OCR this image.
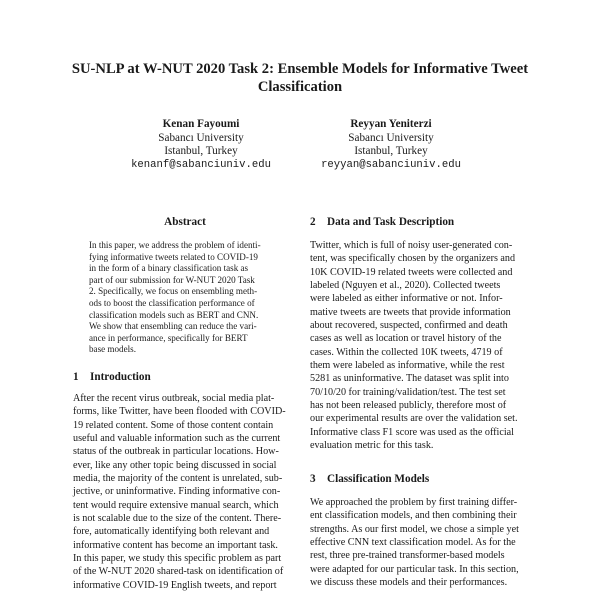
SU-NLP at W-NUT 2020 Task 2: Ensemble Models for Informative Tweet
Classification
Kenan Fayoumi
Sabancı University
Istanbul, Turkey
kenanf@sabanciuniv.edu
Reyyan Yeniterzi
Sabancı University
Istanbul, Turkey
reyyan@sabanciuniv.edu
Abstract
In this paper, we address the problem of identi-
fying informative tweets related to COVID-19
in the form of a binary classification task as
part of our submission for W-NUT 2020 Task
2. Specifically, we focus on ensembling meth-
ods to boost the classification performance of
classification models such as BERT and CNN.
We show that ensembling can reduce the vari-
ance in performance, specifically for BERT
base models.
1 Introduction
After the recent virus outbreak, social media plat-
forms, like Twitter, have been flooded with COVID-
19 related content. Some of those content contain
useful and valuable information such as the current
status of the outbreak in particular locations. How-
ever, like any other topic being discussed in social
media, the majority of the content is unrelated, sub-
jective, or uninformative. Finding informative con-
tent would require extensive manual search, which
is not scalable due to the size of the content. There-
fore, automatically identifying both relevant and
informative content has become an important task.
In this paper, we study this specific problem as part
of the W-NUT 2020 shared-task on identification of
informative COVID-19 English tweets, and report
2 Data and Task Description
Twitter, which is full of noisy user-generated con-
tent, was specifically chosen by the organizers and
10K COVID-19 related tweets were collected and
labeled (Nguyen et al., 2020). Collected tweets
were labeled as either informative or not. Infor-
mative tweets are tweets that provide information
about recovered, suspected, confirmed and death
cases as well as location or travel history of the
cases. Within the collected 10K tweets, 4719 of
them were labeled as informative, while the rest
5281 as uninformative. The dataset was split into
70/10/20 for training/validation/test. The test set
has not been released publicly, therefore most of
our experimental results are over the validation set.
Informative class F1 score was used as the official
evaluation metric for this task.
3 Classification Models
We approached the problem by first training differ-
ent classification models, and then combining their
strengths. As our first model, we chose a simple yet
effective CNN text classification model. As for the
rest, three pre-trained transformer-based models
were adapted for our particular task. In this section,
we discuss these models and their performances.
